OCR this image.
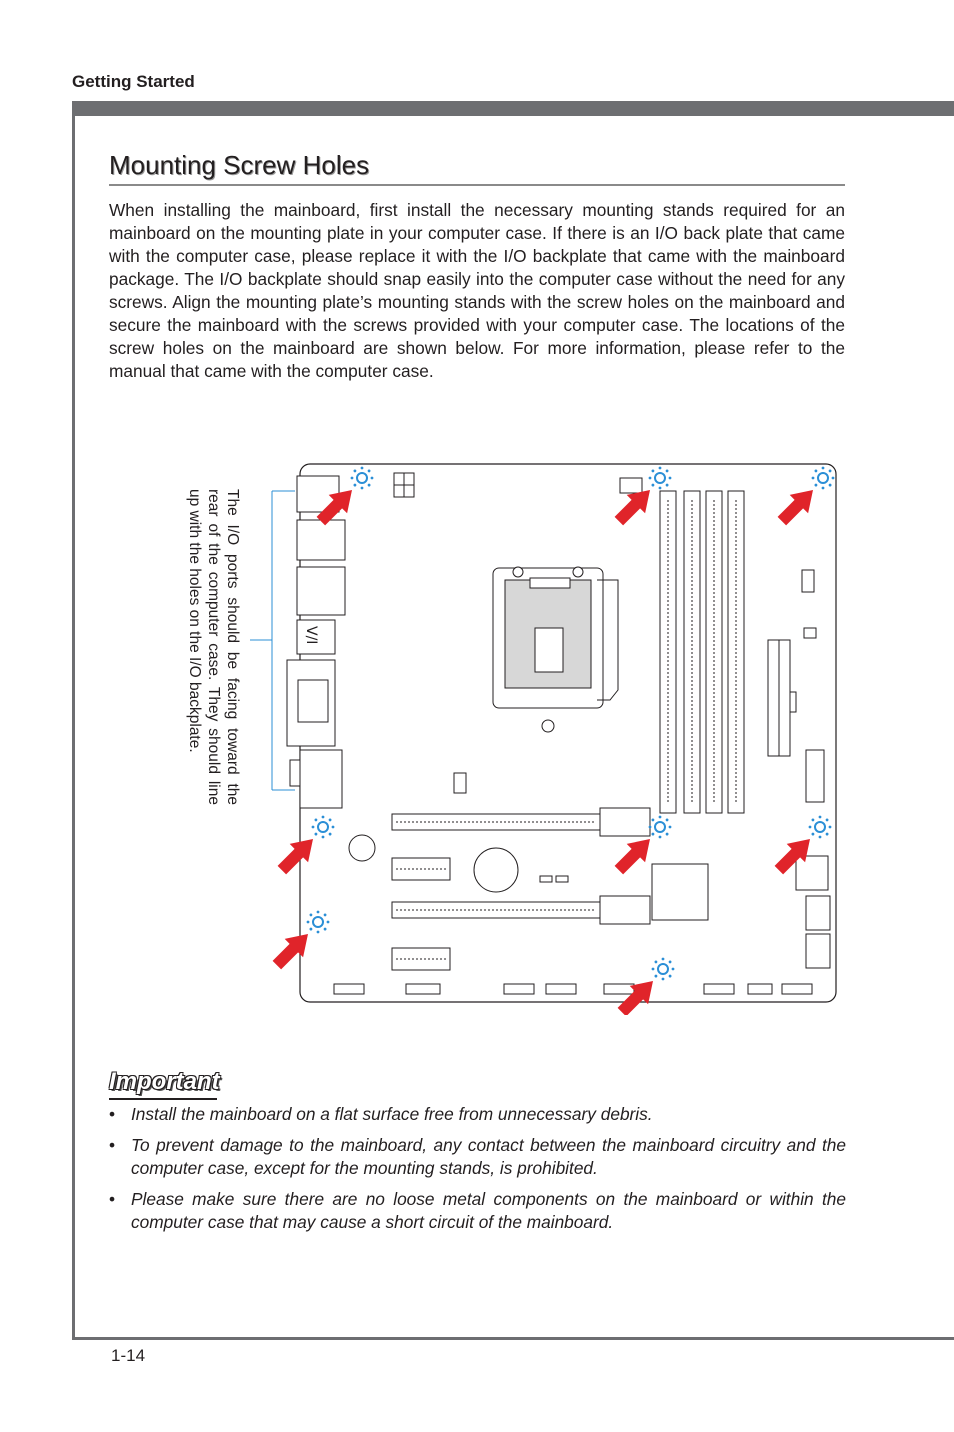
Getting Started
Mounting Screw Holes

When installing the mainboard, first install the necessary mounting stands required for an mainboard on the mounting plate in your computer case. If there is an I/O back plate that came with the computer case, please replace it with the I/O backplate that came with the mainboard package. The I/O backplate should snap easily into the computer case without the need for any screws. Align the mounting plate’s mounting stands with the screw holes on the mainboard and secure the mainboard with the screws provided with your computer case. The locations of the screw holes on the mainboard are shown below. For more information, please refer to the manual that came with the computer case.

The I/O ports should be facing toward the rear of the computer case. They should line up with the holes on the I/O backplate.	V/I
Important
• Install the mainboard on a flat surface free from unnecessary debris.
• To prevent damage to the mainboard, any contact between the mainboard circuitry and the computer case, except for the mounting stands, is prohibited.
• Please make sure there are no loose metal components on the mainboard or within the computer case that may cause a short circuit of the mainboard.
1-14
